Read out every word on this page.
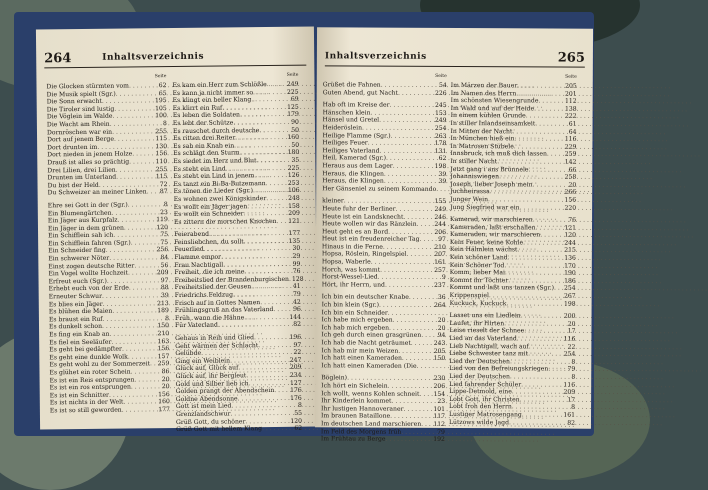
264	Inhaltsverzeichnis
Seite
Die Glocken stürmten vom . . .	62
Die Musik spielt (Sgr.) . . .	65
Die Sonn erwacht . . .	195
Die Tiroler sind lustig . . .	105
Die Vöglein im Walde . . .	100
Die Wacht am Rhein . . .	8
Dornröschen war ein . . .	255
Dort auf jenem Berge . . .	115
Dort drunten im . . .	130
Dort nieden in jenem Holze . . .	156
Drauß ist alles so prächtig . . .	110
Drei Lilien, drei Lilien . . .	255
Drunten im Unterland . . .	115
Du bist der Held . . .	72
Du Schweizer an meiner Linken . . . 87
Ehre sei Gott in der (Sgr.) . . .	8
Ein Blumengärtchen . . .	23
Ein Jäger aus Kurpfalz . . .	119
Ein Jäger in dem grünen . . .	120
Ein Schifflein sah ich . . .	75
Ein Schifflein fahren (Sgr.) . . .	75
Ein Schneider fing . . .	256
Ein schwerer Nöter . . .	84
Einst zogen deutsche Ritter . . .	56
Ein Vogel wollte Hochzeit . . .	209
Erfreut euch (Sgr.) . . .	97
Erhebt euch von der Erde . . .	88
Erneuter Schwur . . .	39
Es blies ein Jäger . . .	213
Es blühen die Maien . . .	189
Es braust ein Ruf . . .	8
Es dunkelt schon . . .	150
Es fing ein Knab an . . .	210
Es fiel ein Seeläufer . . .	163
Es geht bei gedämpfter . . .	156
Es geht eine dunkle Wolk . . .	157
Es geht wohl zu der Sommerzeit . . . 259
Es glühet ein roter Schein . . .	86
Es ist ein Reis entsprungen . . .	20
Es ist ein ros entsprungen . . .	20
Es ist ein Schnitter . . .	156
Es ist nichts in der Welt . . .	160
Es ist so still geworden . . .	177
Seite
Es kam ein Herr zum Schlößle . . .	249
Es kann ja nicht immer so . . .	225
Es klingt ein heller Klang . . .	69
Es klirrt ein Ruf . . .	125
Es leben die Soldaten . . .	179
Es lebt der Schütze . . .	90
Es rauschet durch deutsche . . .	50
Es ritten drei Reiter . . .	160
Es sah ein Knab ein . . .	50
Es schlägt den Sturm . . .	180
Es siedet im Herz und Blut . . .	35
Es steht ein Lind . . .	225
Es steht ein Lind in jenem . . .	126
Es tanzt ein Bi-Ba-Butzemann . . .	253
Es tönen die Lieder (Sgr.) . . .	106
Es wohnen zwei Königskinder . . .	248
Es wollt ein Jäger jagen . . .	158
Es wollt ein Schneider . . .	209
Es zittern die morschen Knochen . . . 121
Feierabend . . .	177
Feinsliebchen, du sollt . . .	135
Feuerlied . . .	30
Flamme empor . . .	29
Frau Nachtigall . . .	99
Freiheit, die ich meine . . .	76
Freiheitslied der Brandenburgischen . . . 128
Freiheitslied der Geusen . . .	41
Friedrichs Feldzug . . .	79
Frisch auf in Gottes Namen . . .	42
Frühlingsgruß an das Vaterland . . .	96
Früh, wann die Hähne . . .	144
Für Vaterland . . .	82
Gehaus in Reih und Glied . . .	196
Geht wärmen der Schlacht . . .	97
Gelübde . . .	22
Ging ein Weiblein . . .	247
Glück auf, Glück auf . . .	209
Glück auf, ihr Bergleut . . .	234
Gold und Silber lieb ich . . .	127
Golden prangt der Abendschein . . .	176
Goldne Abendsonne . . .	176
Gott ist mein Lied . . .	8
Grenzlandschwur . . .	55
Grüß Gott, du schöner . . .	120
Grüß Gott mit hellem Klang . . .	62
Inhaltsverzeichnis	265
Seite
Grüßet die Fahnen . . .	54
Guten Abend, gut Nacht . . .	226
Hab oft im Kreise der . . .	245
Hänschen klein . . .	153
Hänsel und Gretel . . .	249
Heideröslein . . .	254
Heilige Flamme (Sgr.) . . .	263
Heiliges Feuer . . .	178
Heiliges Vaterland . . .	131
Heil, Kamerad (Sgr.) . . .	62
Heraus aus dem Lager . . .	198
Heraus, die Klingen . . .	39
Heraus, die Klingen . . .	39
Her Gänseniel zu seinem Kommando
. . .
kleiner . . .	155
Heute fuhr der Berliner . . .	249
Heute ist ein Landsknecht . . .	246
Heute wollen wir das Ränzlein . . .	244
Heut geht es an Bord . . .	206
Heut ist ein freudenreicher Tag . . .	97
Hinaus in die Ferne . . .	210
Hopsa, Röslein, Ringelspiel . . .	207
Hopsa, Waberle . . .	161
Horch, was kommt . . .	257
Horst-Wessel-Lied . . .	9
Hört, ihr Herrn, und . . .	237
Ich bin ein deutscher Knabe . . .	36
Ich bin klein (Sgr.) . . .	264
Ich bin ein Schneider
. . .
Ich habe mich ergeben . . .	20
Ich hab mich ergeben . . .	20
Ich geh durch einen grasgrünen . . .	94
Ich hab die Nacht geträumet . . .	243
Ich hab mir mein Weizen . . .	205
Ich hatt einen Kameraden . . .	150
Ich hatt einen Kameraden (Die
. . .
Böglein) . . .	230
Ich hört ein Sichelein . . .	206
Ich wollt, wenns Kohlen schneit . . . 154
Ihr Kinderlein kommet . . .	23
Ihr lustigen Hannoveraner . . .	101
Im braunen Bataillone . . .	117
Im deutschen Land marschieren . . . 112
Im Feld des Morgens früh . . .	79
Im Frühtau zu Berge . . .	192
Seite
Im Märzen der Bauer . . .	205
Im Namen des Herrn . . .	201
Im schönsten Wiesengrunde . . .	112
Im Wald und auf der Heide . . .	138
In einem kühlen Grunde . . .	222
In stiller Inlandseinsamkeit . . .	61
In Mitten der Nacht . . .	64
In München hieß ein . . .	116
In Matrosen Stübele . . .	229
Innsbruck, ich muß dich lassen . . .	259
In stiller Nacht . . .	142
Jetzt gang i ans Brünnele . . .	66
Johanniswiegen . . .	258
Joseph, lieber Joseph mein . . .	20
Juchheirassa . . .	266
Junger Wein . . .	156
Jung Siegfried war ein . . .	220
Kamerad, wir marschieren . . .	76
Kameraden, laßt erschallen . . .	121
Kameraden, wir marschieren . . .	120
Kein Feuer, keine Kohle . . .	244
Kein Hälmlein wächst . . .	215
Kein schöner Land . . .	136
Kein Schöner Tod . . .	170
Komm, lieber Mai . . .	190
Kommt ihr Töchter . . .	186
Kommt und laßt uns tanzen (Sgr.) . . . 254
Krippenspiel . . .	267
Kuckuck, Kuckuck . . .	198
Lasset uns ein Liedlein . . .	200
Laufet, ihr Hirten . . .	20
Leise rieselt der Schnee . . .	17
Lied an das Vaterland . . .	116
Lieb Nachtigall, wach auf . . .	22
Liebe Schwester tanz mit . . .	254
Lied der Deutschen . . .	8
Lied von den Befreiungskriegen . . .	79
Lied der Deutschen . . .	8
Lied fahrender Schüler . . .	116
Lippe-Detmold, eine . . .	209
Lobt Gott, ihr Christen . . .	17
Lobt froh den Herrn . . .	8
Lustiger Matrosengang . . .	161
Lützows wilde Jagd . . .	82
